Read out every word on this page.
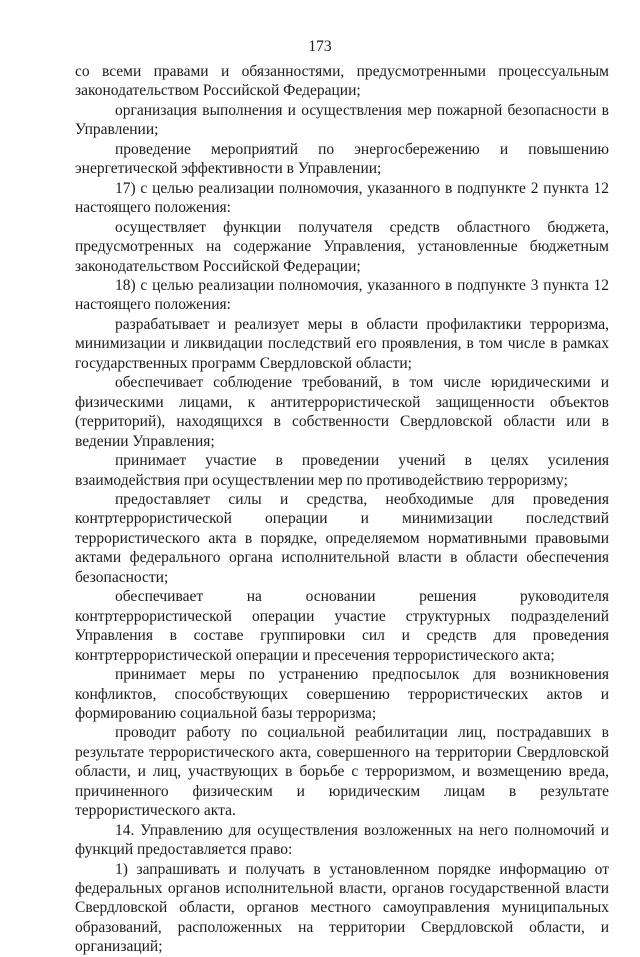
173

со всеми правами и обязанностями, предусмотренными процессуальным законодательством Российской Федерации;

организация выполнения и осуществления мер пожарной безопасности в Управлении;

проведение мероприятий по энергосбережению и повышению энергетической эффективности в Управлении;

17) с целью реализации полномочия, указанного в подпункте 2 пункта 12 настоящего положения:

осуществляет функции получателя средств областного бюджета, предусмотренных на содержание Управления, установленные бюджетным законодательством Российской Федерации;

18) с целью реализации полномочия, указанного в подпункте 3 пункта 12 настоящего положения:

разрабатывает и реализует меры в области профилактики терроризма, минимизации и ликвидации последствий его проявления, в том числе в рамках государственных программ Свердловской области;

обеспечивает соблюдение требований, в том числе юридическими и физическими лицами, к антитеррористической защищенности объектов (территорий), находящихся в собственности Свердловской области или в ведении Управления;

принимает участие в проведении учений в целях усиления взаимодействия при осуществлении мер по противодействию терроризму;

предоставляет силы и средства, необходимые для проведения контртеррористической операции и минимизации последствий террористического акта в порядке, определяемом нормативными правовыми актами федерального органа исполнительной власти в области обеспечения безопасности;

обеспечивает на основании решения руководителя контртеррористической операции участие структурных подразделений Управления в составе группировки сил и средств для проведения контртеррористической операции и пресечения террористического акта;

принимает меры по устранению предпосылок для возникновения конфликтов, способствующих совершению террористических актов и формированию социальной базы терроризма;

проводит работу по социальной реабилитации лиц, пострадавших в результате террористического акта, совершенного на территории Свердловской области, и лиц, участвующих в борьбе с терроризмом, и возмещению вреда, причиненного физическим и юридическим лицам в результате террористического акта.

14. Управлению для осуществления возложенных на него полномочий и функций предоставляется право:

1) запрашивать и получать в установленном порядке информацию от федеральных органов исполнительной власти, органов государственной власти Свердловской области, органов местного самоуправления муниципальных образований, расположенных на территории Свердловской области, и организаций;
